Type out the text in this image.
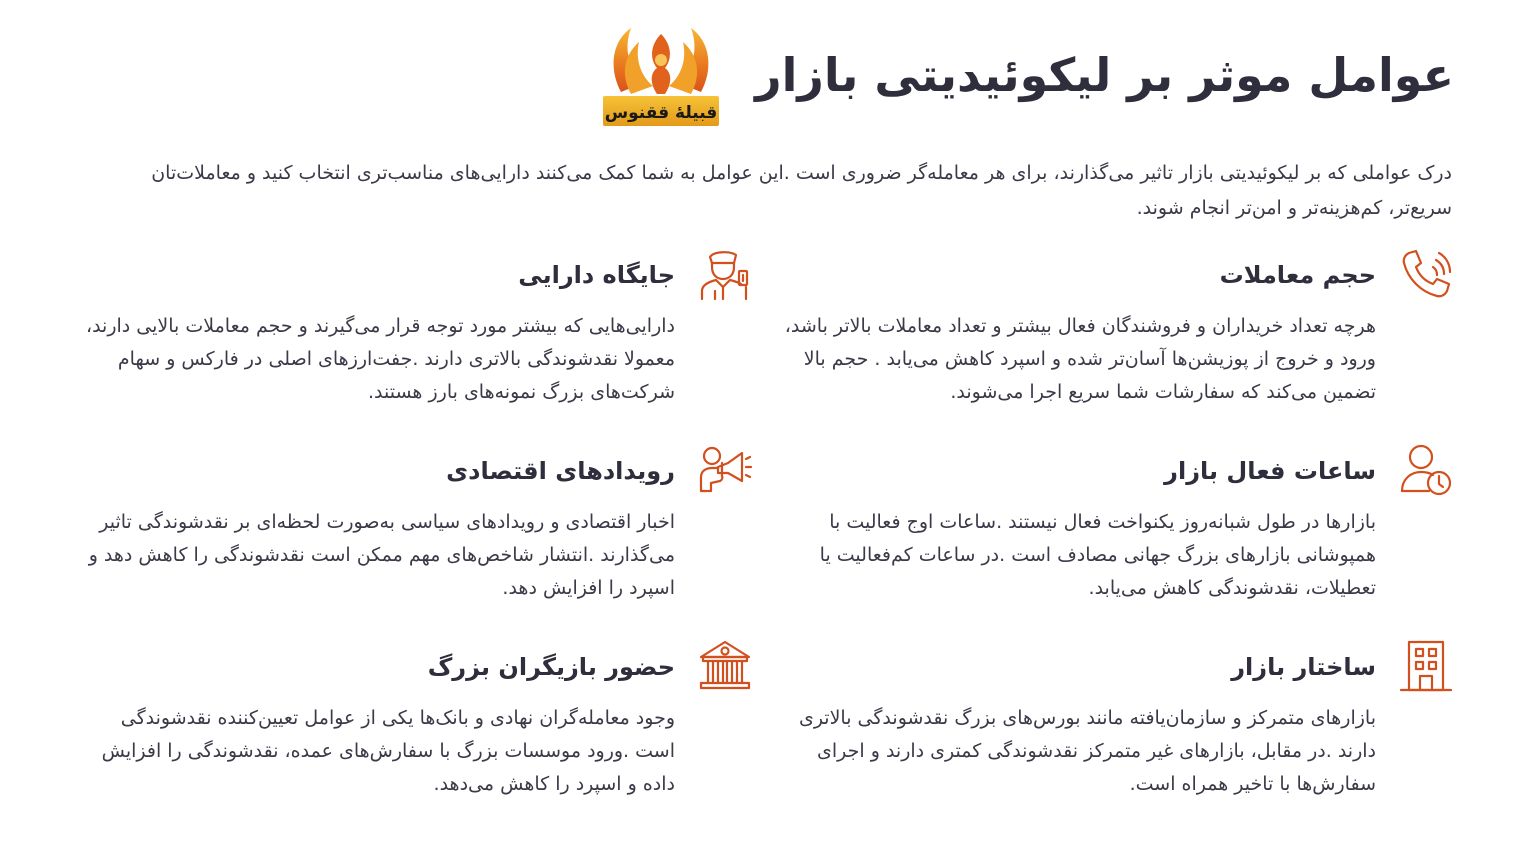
عوامل موثر بر لیکوئیدیتی بازار
قبیلهٔ ققنوس

درک عواملی که بر لیکوئیدیتی بازار تاثیر می‌گذارند، برای هر معامله‌گر ضروری است .این عوامل به شما کمک می‌کنند دارایی‌های مناسب‌تری انتخاب کنید و معاملات‌تان سریع‌تر، کم‌هزینه‌تر و امن‌تر انجام شوند.

حجم معاملات

هرچه تعداد خریداران و فروشندگان فعال بیشتر و تعداد معاملات بالاتر باشد، ورود و خروج از پوزیشن‌ها آسان‌تر شده و اسپرد کاهش می‌یابد . حجم بالا تضمین می‌کند که سفارشات شما سریع اجرا می‌شوند.

جایگاه دارایی

دارایی‌هایی که بیشتر مورد توجه قرار می‌گیرند و حجم معاملات بالایی دارند، معمولا نقدشوندگی بالاتری دارند .جفت‌ارزهای اصلی در فارکس و سهام شرکت‌های بزرگ نمونه‌های بارز هستند.

ساعات فعال بازار

بازارها در طول شبانه‌روز یکنواخت فعال نیستند .ساعات اوج فعالیت با همپوشانی بازارهای بزرگ جهانی مصادف است .در ساعات کم‌فعالیت یا تعطیلات، نقدشوندگی کاهش می‌یابد.

رویدادهای اقتصادی

اخبار اقتصادی و رویدادهای سیاسی به‌صورت لحظه‌ای بر نقدشوندگی تاثیر می‌گذارند .انتشار شاخص‌های مهم ممکن است نقدشوندگی را کاهش دهد و اسپرد را افزایش دهد.

ساختار بازار

بازارهای متمرکز و سازمان‌یافته مانند بورس‌های بزرگ نقدشوندگی بالاتری دارند .در مقابل، بازارهای غیر متمرکز نقدشوندگی کمتری دارند و اجرای سفارش‌ها با تاخیر همراه است.

حضور بازیگران بزرگ

وجود معامله‌گران نهادی و بانک‌ها یکی از عوامل تعیین‌کننده نقدشوندگی است .ورود موسسات بزرگ با سفارش‌های عمده، نقدشوندگی را افزایش داده و اسپرد را کاهش می‌دهد.
